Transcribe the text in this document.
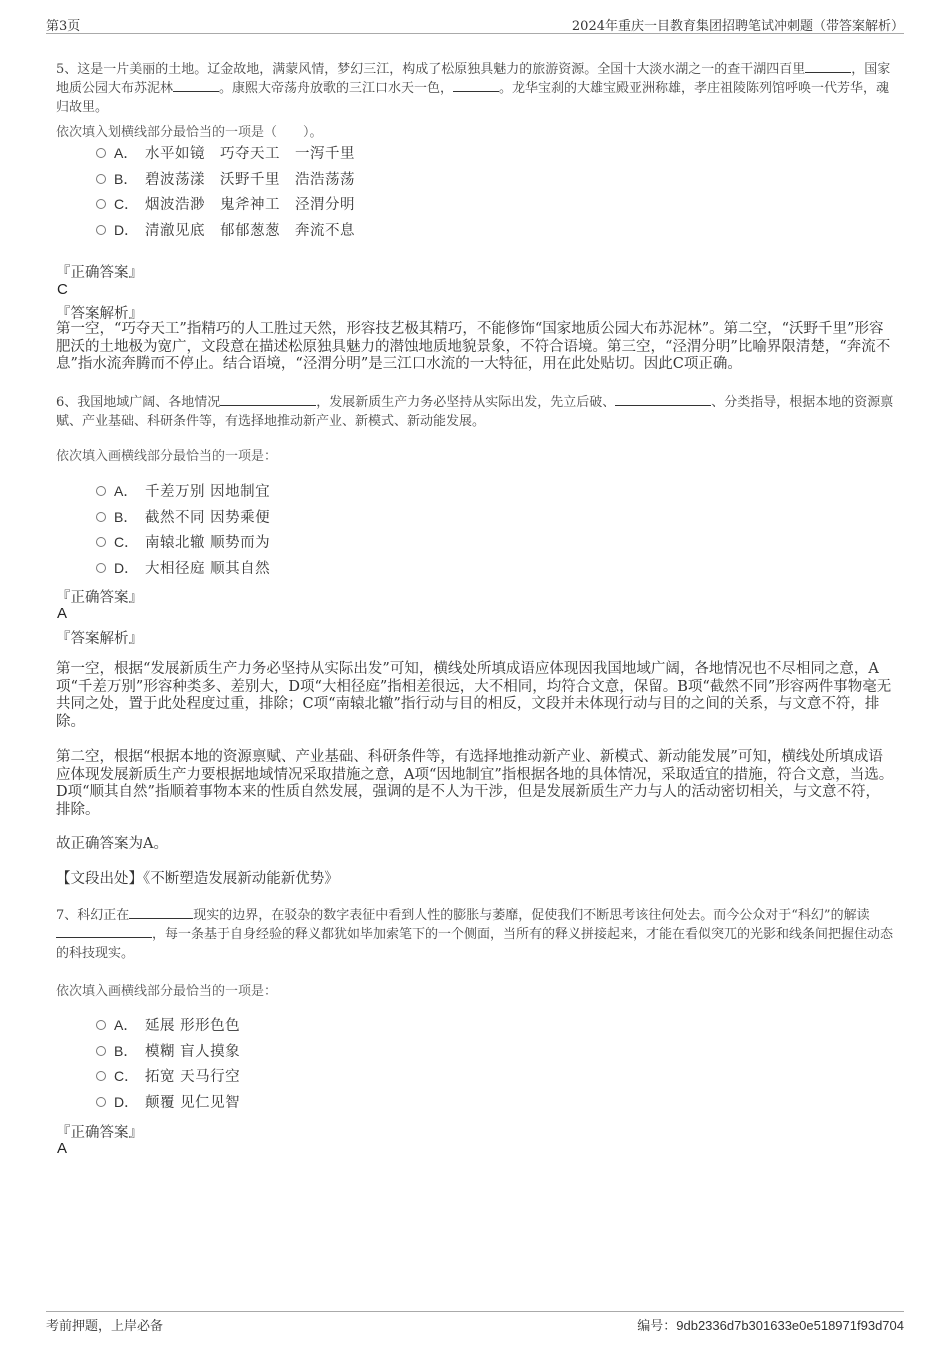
第3页	2024年重庆一目教育集团招聘笔试冲刺题（带答案解析）
5、这是一片美丽的土地。辽金故地，满蒙风情，梦幻三江，构成了松原独具魅力的旅游资源。全国十大淡水湖之一的查干湖四百里	，国家地质公园大布苏泥林	。康熙大帝荡舟放歌的三江口水天一色，	。龙华宝刹的大雄宝殿亚洲称雄，孝庄祖陵陈列馆呼唤一代芳华，魂归故里。
依次填入划横线部分最恰当的一项是（　　）。
A． 水平如镜　巧夺天工　一泻千里
B． 碧波荡漾　沃野千里　浩浩荡荡
C． 烟波浩渺　鬼斧神工　泾渭分明
D． 清澈见底　郁郁葱葱　奔流不息
『正确答案』
C
『答案解析』
第一空，“巧夺天工”指精巧的人工胜过天然，形容技艺极其精巧，不能修饰“国家地质公园大布苏泥林”。第二空，“沃野千里”形容肥沃的土地极为宽广，文段意在描述松原独具魅力的潜蚀地质地貌景象，不符合语境。第三空，“泾渭分明”比喻界限清楚，“奔流不息”指水流奔腾而不停止。结合语境，“泾渭分明”是三江口水流的一大特征，用在此处贴切。因此C项正确。
6、我国地域广阔、各地情况	，发展新质生产力务必坚持从实际出发，先立后破、	、分类指导，根据本地的资源禀赋、产业基础、科研条件等，有选择地推动新产业、新模式、新动能发展。
依次填入画横线部分最恰当的一项是：
A． 千差万别 因地制宜
B． 截然不同 因势乘便
C． 南辕北辙 顺势而为
D． 大相径庭 顺其自然
『正确答案』
A
『答案解析』
第一空，根据“发展新质生产力务必坚持从实际出发”可知，横线处所填成语应体现因我国地域广阔，各地情况也不尽相同之意，A项“千差万别”形容种类多、差别大，D项“大相径庭”指相差很远，大不相同，均符合文意，保留。B项“截然不同”形容两件事物毫无共同之处，置于此处程度过重，排除；C项“南辕北辙”指行动与目的相反，文段并未体现行动与目的之间的关系，与文意不符，排除。
第二空，根据“根据本地的资源禀赋、产业基础、科研条件等，有选择地推动新产业、新模式、新动能发展”可知，横线处所填成语应体现发展新质生产力要根据地域情况采取措施之意，A项“因地制宜”指根据各地的具体情况，采取适宜的措施，符合文意，当选。D项“顺其自然”指顺着事物本来的性质自然发展，强调的是不人为干涉，但是发展新质生产力与人的活动密切相关，与文意不符，排除。
故正确答案为A。
【文段出处】《不断塑造发展新动能新优势》
7、科幻正在	现实的边界，在驳杂的数字表征中看到人性的膨胀与萎靡，促使我们不断思考该往何处去。而今公众对于“科幻”的解读，每一条基于自身经验的释义都犹如毕加索笔下的一个侧面，当所有的释义拼接起来，才能在看似突兀的光影和线条间把握住动态的科技现实。
依次填入画横线部分最恰当的一项是：
A． 延展 形形色色
B． 模糊 盲人摸象
C． 拓宽 天马行空
D． 颠覆 见仁见智
『正确答案』
A
考前押题，上岸必备	编号：9db2336d7b301633e0e518971f93d704
